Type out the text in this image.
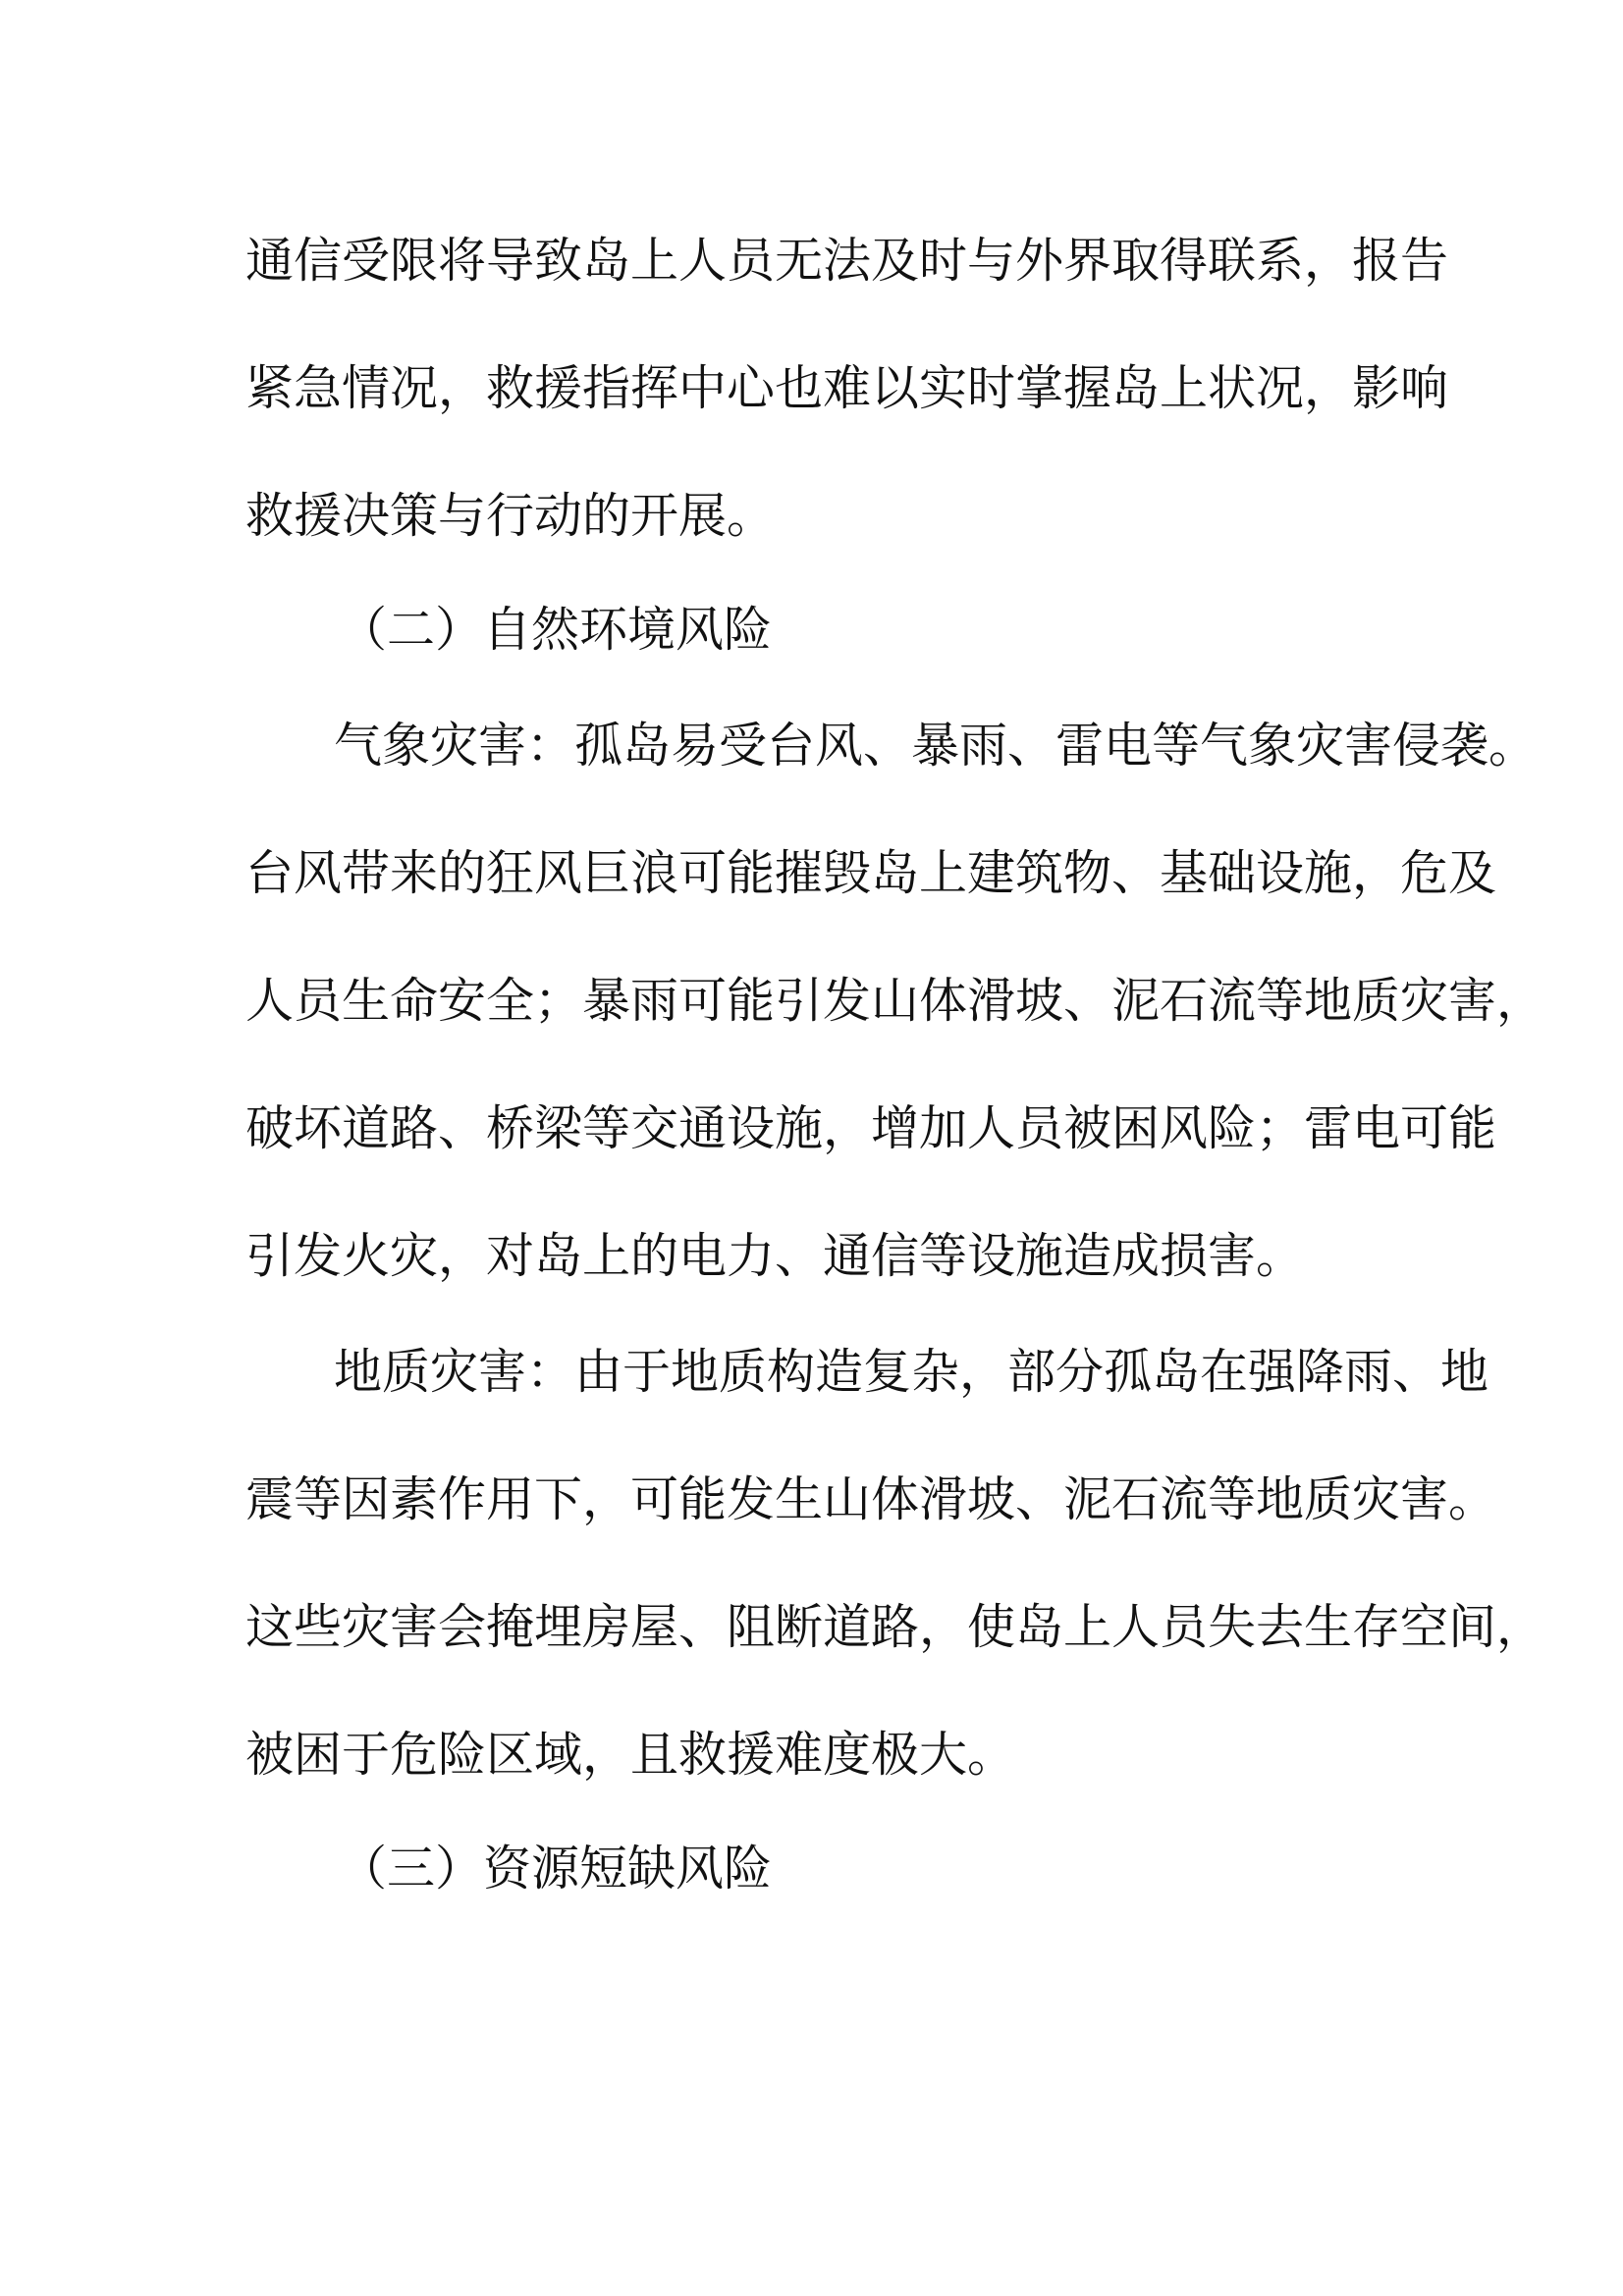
通信受限将导致岛上人员无法及时与外界取得联系，报告
紧急情况，救援指挥中心也难以实时掌握岛上状况，影响
救援决策与行动的开展。
（二）自然环境风险
气象灾害：孤岛易受台风、暴雨、雷电等气象灾害侵袭。
台风带来的狂风巨浪可能摧毁岛上建筑物、基础设施，危及
人员生命安全；暴雨可能引发山体滑坡、泥石流等地质灾害，
破坏道路、桥梁等交通设施，增加人员被困风险；雷电可能
引发火灾，对岛上的电力、通信等设施造成损害。
地质灾害：由于地质构造复杂，部分孤岛在强降雨、地
震等因素作用下，可能发生山体滑坡、泥石流等地质灾害。
这些灾害会掩埋房屋、阻断道路，使岛上人员失去生存空间，
被困于危险区域，且救援难度极大。
（三）资源短缺风险
